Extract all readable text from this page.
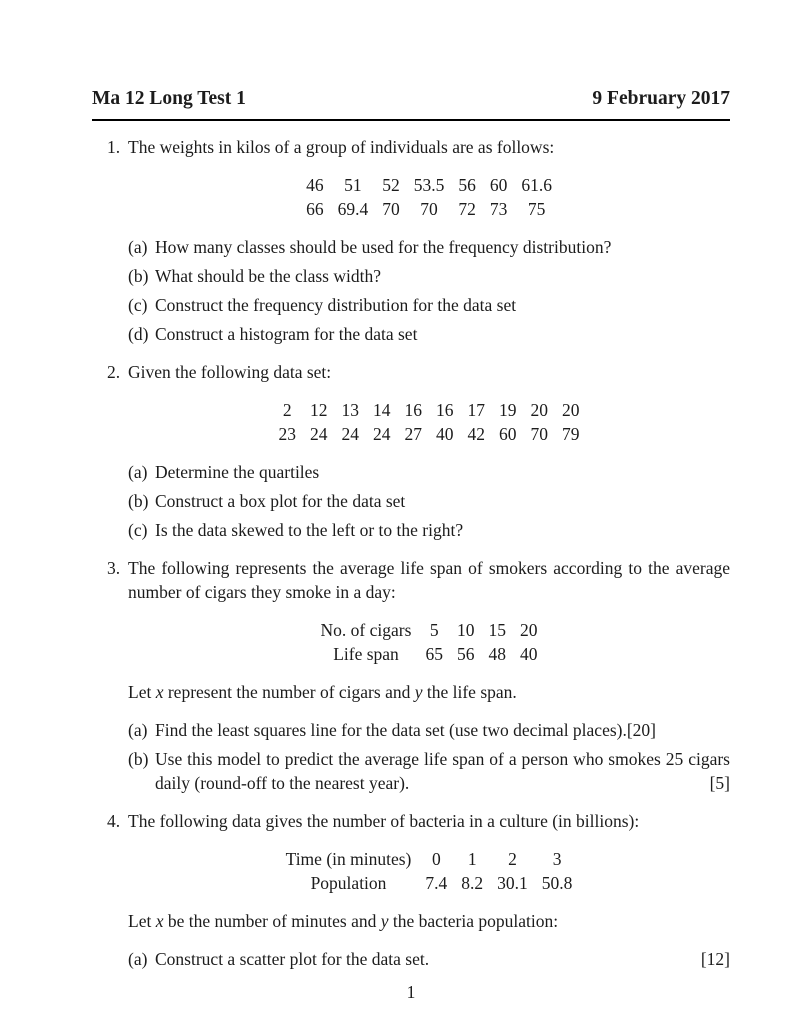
Ma 12 Long Test 1	9 February 2017
1. The weights in kilos of a group of individuals are as follows:

46	51	52	53.5	56	60	61.6
66	69.4	70	70	72	73	75
(a) How many classes should be used for the frequency distribution?
(b) What should be the class width?
(c) Construct the frequency distribution for the data set
(d) Construct a histogram for the data set
2. Given the following data set:

2	12	13	14	16	16	17	19	20	20
23	24	24	24	27	40	42	60	70	79
(a) Determine the quartiles
(b) Construct a box plot for the data set
(c) Is the data skewed to the left or to the right?
3. The following represents the average life span of smokers according to the average number of cigars they smoke in a day:

No. of cigars	5	10	15	20
Life span	65	56	48	40

Let x represent the number of cigars and y the life span.

(a) Find the least squares line for the data set (use two decimal places).[20]
(b) Use this model to predict the average life span of a person who smokes 25 cigars daily (round-off to the nearest year).	[5]
4. The following data gives the number of bacteria in a culture (in billions):

Time (in minutes)	0	1	2	3
Population	7.4	8.2	30.1	50.8

Let x be the number of minutes and y the bacteria population:

(a) Construct a scatter plot for the data set.	[12]
1
